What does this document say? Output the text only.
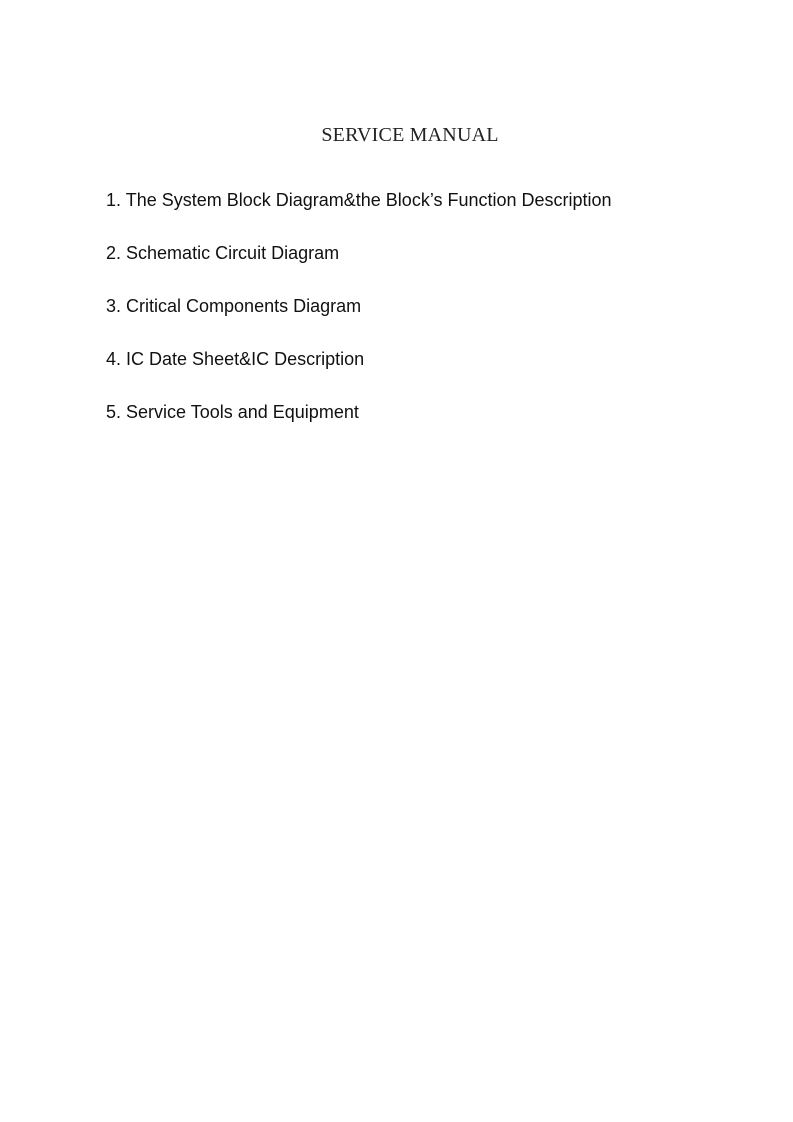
SERVICE MANUAL
1. The System Block Diagram&the Block’s Function Description
2. Schematic Circuit Diagram
3. Critical Components Diagram
4. IC Date Sheet&IC Description
5. Service Tools and Equipment
